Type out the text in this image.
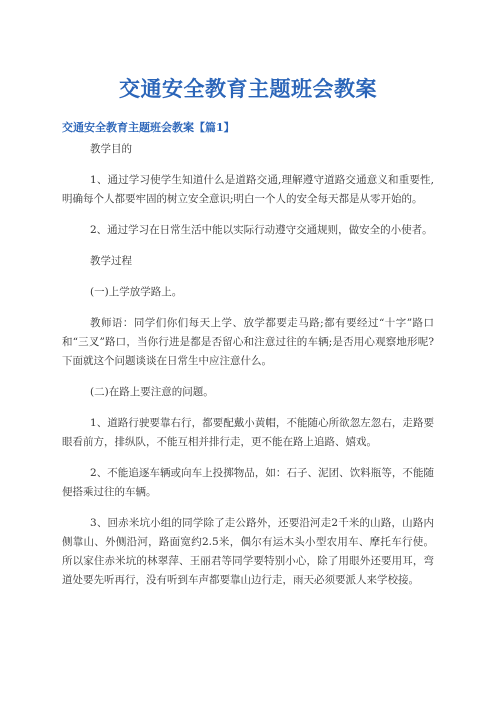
交通安全教育主题班会教案
交通安全教育主题班会教案【篇1】

教学目的

1、通过学习使学生知道什么是道路交通,理解遵守道路交通意义和重要性,明确每个人都要牢固的树立安全意识;明白一个人的安全每天都是从零开始的。

2、通过学习在日常生活中能以实际行动遵守交通规则，做安全的小使者。

教学过程

(一)上学放学路上。

教师语：同学们你们每天上学、放学都要走马路;都有要经过“十字”路口和“三叉”路口，当你行进是都是否留心和注意过往的车辆;是否用心观察地形呢?下面就这个问题谈谈在日常生中应注意什么。

(二)在路上要注意的问题。

1、道路行驶要靠右行，都要配戴小黄帽，不能随心所欲忽左忽右，走路要眼看前方，排纵队，不能互相并排行走，更不能在路上追路、嬉戏。

2、不能追逐车辆或向车上投掷物品，如：石子、泥团、饮料瓶等，不能随便搭乘过往的车辆。

3、回赤米坑小组的同学除了走公路外，还要沿河走2千米的山路，山路内侧靠山、外侧沿河，路面宽约2.5米，偶尔有运木头小型农用车、摩托车行使。所以家住赤米坑的林翠萍、王丽君等同学要特别小心，除了用眼外还要用耳，弯道处要先听再行，没有听到车声都要靠山边行走，雨天必须要派人来学校接。
